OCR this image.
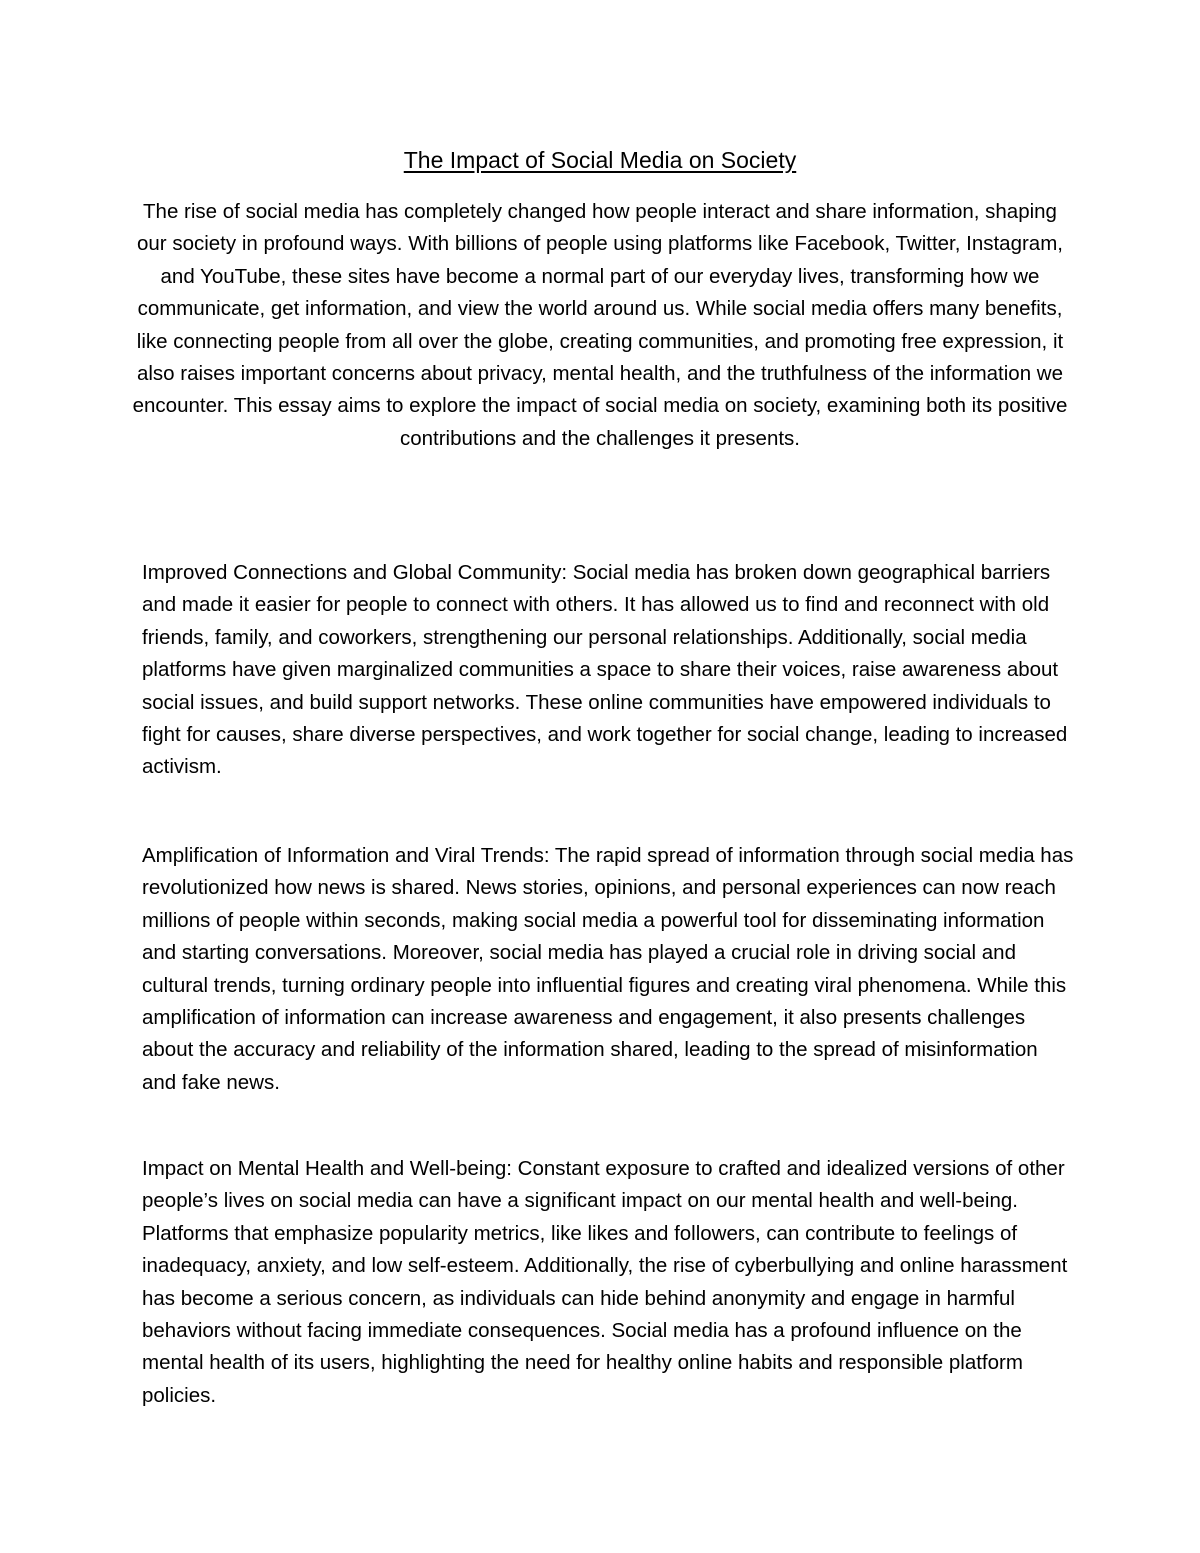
The Impact of Social Media on Society

The rise of social media has completely changed how people interact and share information, shaping our society in profound ways. With billions of people using platforms like Facebook, Twitter, Instagram, and YouTube, these sites have become a normal part of our everyday lives, transforming how we communicate, get information, and view the world around us. While social media offers many benefits, like connecting people from all over the globe, creating communities, and promoting free expression, it also raises important concerns about privacy, mental health, and the truthfulness of the information we encounter. This essay aims to explore the impact of social media on society, examining both its positive contributions and the challenges it presents.

Improved Connections and Global Community: Social media has broken down geographical barriers and made it easier for people to connect with others. It has allowed us to find and reconnect with old friends, family, and coworkers, strengthening our personal relationships. Additionally, social media platforms have given marginalized communities a space to share their voices, raise awareness about social issues, and build support networks. These online communities have empowered individuals to fight for causes, share diverse perspectives, and work together for social change, leading to increased activism.

Amplification of Information and Viral Trends: The rapid spread of information through social media has revolutionized how news is shared. News stories, opinions, and personal experiences can now reach millions of people within seconds, making social media a powerful tool for disseminating information and starting conversations. Moreover, social media has played a crucial role in driving social and cultural trends, turning ordinary people into influential figures and creating viral phenomena. While this amplification of information can increase awareness and engagement, it also presents challenges about the accuracy and reliability of the information shared, leading to the spread of misinformation and fake news.

Impact on Mental Health and Well-being: Constant exposure to crafted and idealized versions of other people’s lives on social media can have a significant impact on our mental health and well-being. Platforms that emphasize popularity metrics, like likes and followers, can contribute to feelings of inadequacy, anxiety, and low self-esteem. Additionally, the rise of cyberbullying and online harassment has become a serious concern, as individuals can hide behind anonymity and engage in harmful behaviors without facing immediate consequences. Social media has a profound influence on the mental health of its users, highlighting the need for healthy online habits and responsible platform policies.
